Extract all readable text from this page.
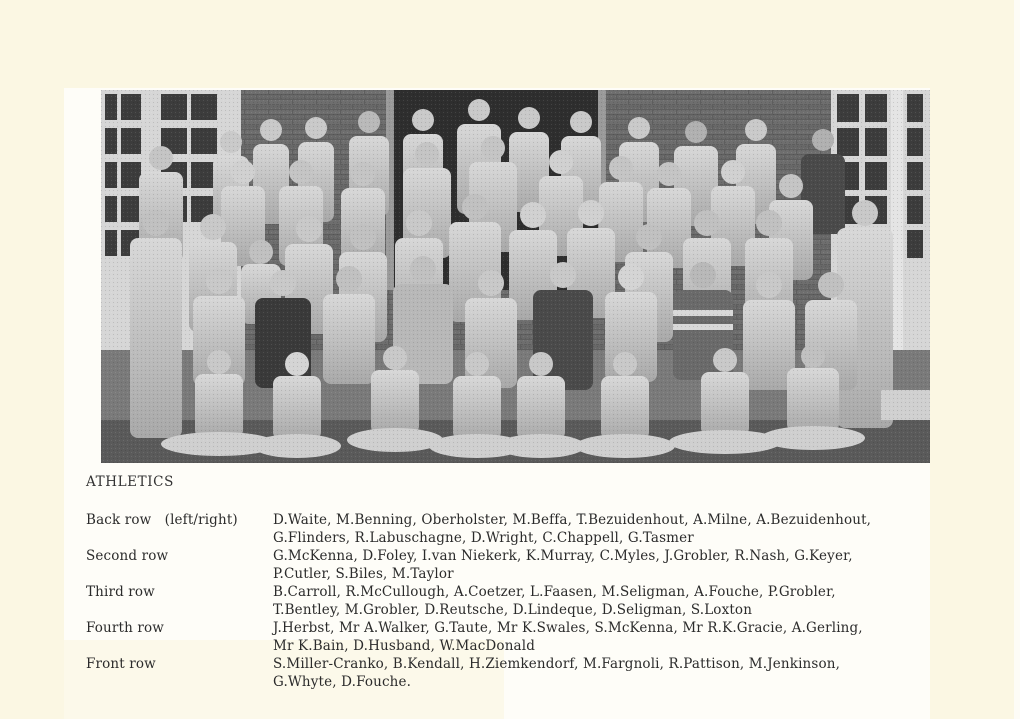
ATHLETICS
Back row   (left/right)	D.Waite, M.Benning, Oberholster, M.Beffa, T.Bezuidenhout, A.Milne, A.Bezuidenhout,
G.Flinders, R.Labuschagne, D.Wright, C.Chappell, G.Tasmer
Second row	G.McKenna, D.Foley, I.van Niekerk, K.Murray, C.Myles, J.Grobler, R.Nash, G.Keyer,
P.Cutler, S.Biles, M.Taylor
Third row	B.Carroll, R.McCullough, A.Coetzer, L.Faasen, M.Seligman, A.Fouche, P.Grobler,
T.Bentley, M.Grobler, D.Reutsche, D.Lindeque, D.Seligman, S.Loxton
Fourth row	J.Herbst, Mr A.Walker, G.Taute, Mr K.Swales, S.McKenna, Mr R.K.Gracie, A.Gerling,
Mr K.Bain, D.Husband, W.MacDonald
Front row	S.Miller-Cranko, B.Kendall, H.Ziemkendorf, M.Fargnoli, R.Pattison, M.Jenkinson,
G.Whyte, D.Fouche.
